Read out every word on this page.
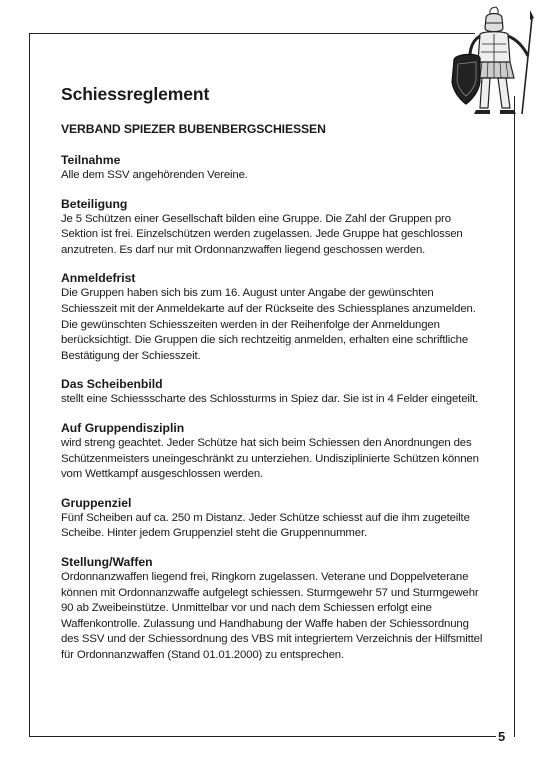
Schiessreglement
VERBAND SPIEZER BUBENBERGSCHIESSEN
Teilnahme

Alle dem SSV angehörenden Vereine.

Beteiligung

Je 5 Schützen einer Gesellschaft bilden eine Gruppe. Die Zahl der Gruppen pro Sektion ist frei. Einzelschützen werden zugelassen. Jede Gruppe hat geschlossen anzutreten. Es darf nur mit Ordonnanzwaffen liegend geschossen werden.

Anmeldefrist

Die Gruppen haben sich bis zum 16. August unter Angabe der gewünschten Schiesszeit mit der Anmeldekarte auf der Rückseite des Schiessplanes anzumelden. Die gewünschten Schiesszeiten werden in der Reihenfolge der Anmeldungen berücksichtigt. Die Gruppen die sich rechtzeitig anmelden, erhalten eine schriftliche Bestätigung der Schiesszeit.

Das Scheibenbild

stellt eine Schiessscharte des Schlossturms in Spiez dar. Sie ist in 4 Felder eingeteilt.

Auf Gruppendisziplin

wird streng geachtet. Jeder Schütze hat sich beim Schiessen den Anordnungen des Schützenmeisters uneingeschränkt zu unterziehen. Undisziplinierte Schützen können vom Wettkampf ausgeschlossen werden.

Gruppenziel

Fünf Scheiben auf ca. 250 m Distanz. Jeder Schütze schiesst auf die ihm zugeteilte Scheibe. Hinter jedem Gruppenziel steht die Gruppennummer.

Stellung/Waffen

Ordonnanzwaffen liegend frei, Ringkorn zugelassen. Veterane und Doppelveterane können mit Ordonnanzwaffe aufgelegt schiessen. Sturmgewehr 57 und Sturmgewehr 90 ab Zweibeinstütze. Unmittelbar vor und nach dem Schiessen erfolgt eine Waffenkontrolle. Zulassung und Handhabung der Waffe haben der Schiessordnung des SSV und der Schiessordnung des VBS mit integriertem Verzeichnis der Hilfsmittel für Ordonnanzwaffen (Stand 01.01.2000) zu entsprechen.

5
